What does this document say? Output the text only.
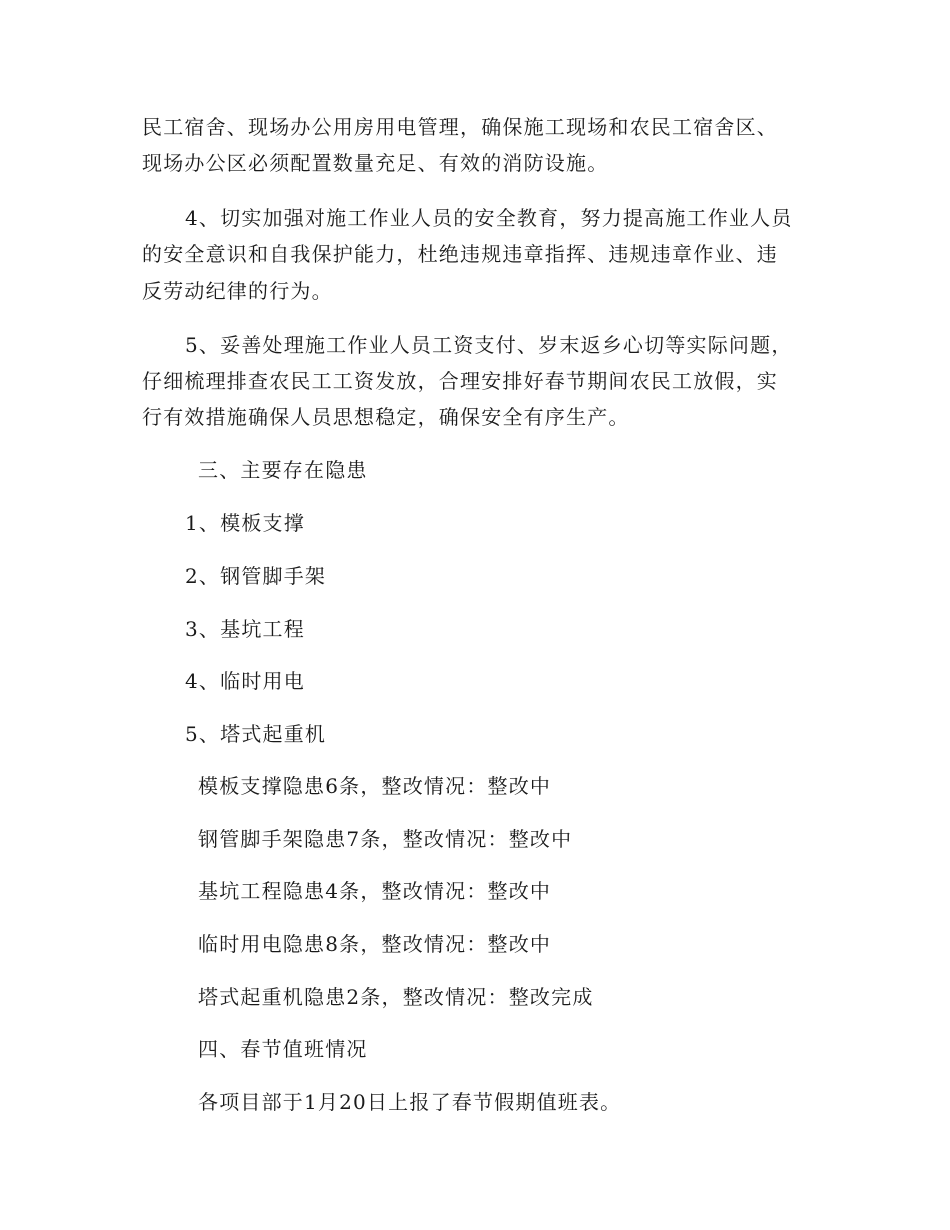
民工宿舍、现场办公用房用电管理，确保施工现场和农民工宿舍区、
现场办公区必须配置数量充足、有效的消防设施。
4、切实加强对施工作业人员的安全教育，努力提高施工作业人员
的安全意识和自我保护能力，杜绝违规违章指挥、违规违章作业、违
反劳动纪律的行为。
5、妥善处理施工作业人员工资支付、岁末返乡心切等实际问题，
仔细梳理排查农民工工资发放，合理安排好春节期间农民工放假，实
行有效措施确保人员思想稳定，确保安全有序生产。
三、主要存在隐患
1、模板支撑
2、钢管脚手架
3、基坑工程
4、临时用电
5、塔式起重机
模板支撑隐患6条，整改情况：整改中
钢管脚手架隐患7条，整改情况：整改中
基坑工程隐患4条，整改情况：整改中
临时用电隐患8条，整改情况：整改中
塔式起重机隐患2条，整改情况：整改完成
四、春节值班情况
各项目部于1月20日上报了春节假期值班表。
